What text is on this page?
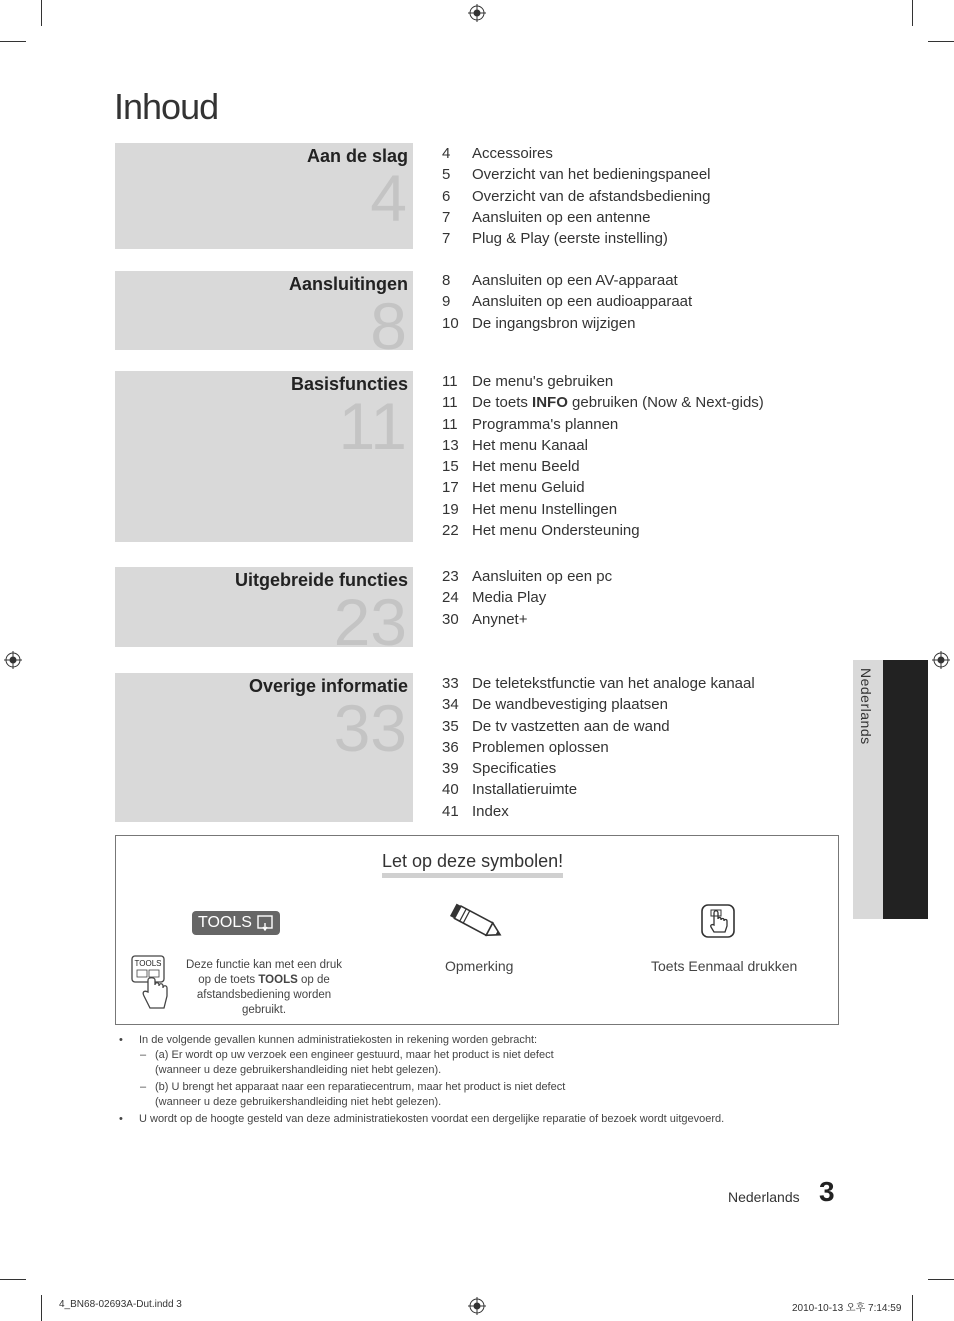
Inhoud
Aan de slag
4
4 Accessoires
5 Overzicht van het bedieningspaneel
6 Overzicht van de afstandsbediening
7 Aansluiten op een antenne
7 Plug & Play (eerste instelling)
Aansluitingen
8
8 Aansluiten op een AV-apparaat
9 Aansluiten op een audioapparaat
10 De ingangsbron wijzigen
Basisfuncties
11
11 De menu's gebruiken
11 De toets INFO gebruiken (Now & Next-gids)
11 Programma's plannen
13 Het menu Kanaal
15 Het menu Beeld
17 Het menu Geluid
19 Het menu Instellingen
22 Het menu Ondersteuning
Uitgebreide functies
23
23 Aansluiten op een pc
24 Media Play
30 Anynet+
Overige informatie
33
33 De teletekstfunctie van het analoge kanaal
34 De wandbevestiging plaatsen
35 De tv vastzetten aan de wand
36 Problemen oplossen
39 Specificaties
40 Installatieruimte
41 Index
Let op deze symbolen!
TOOLS
TOOLS	Deze functie kan met een druk
op de toets TOOLS op de
afstandsbediening worden gebruikt.
Opmerking	Toets Eenmaal drukken
• In de volgende gevallen kunnen administratiekosten in rekening worden gebracht:
– (a) Er wordt op uw verzoek een engineer gestuurd, maar het product is niet defect
(wanneer u deze gebruikershandleiding niet hebt gelezen).
– (b) U brengt het apparaat naar een reparatiecentrum, maar het product is niet defect
(wanneer u deze gebruikershandleiding niet hebt gelezen).
• U wordt op de hoogte gesteld van deze administratiekosten voordat een dergelijke reparatie of bezoek wordt uitgevoerd.
Nederlands
Nederlands 3
4_BN68-02693A-Dut.indd 3	2010-10-13 오후 7:14:59
